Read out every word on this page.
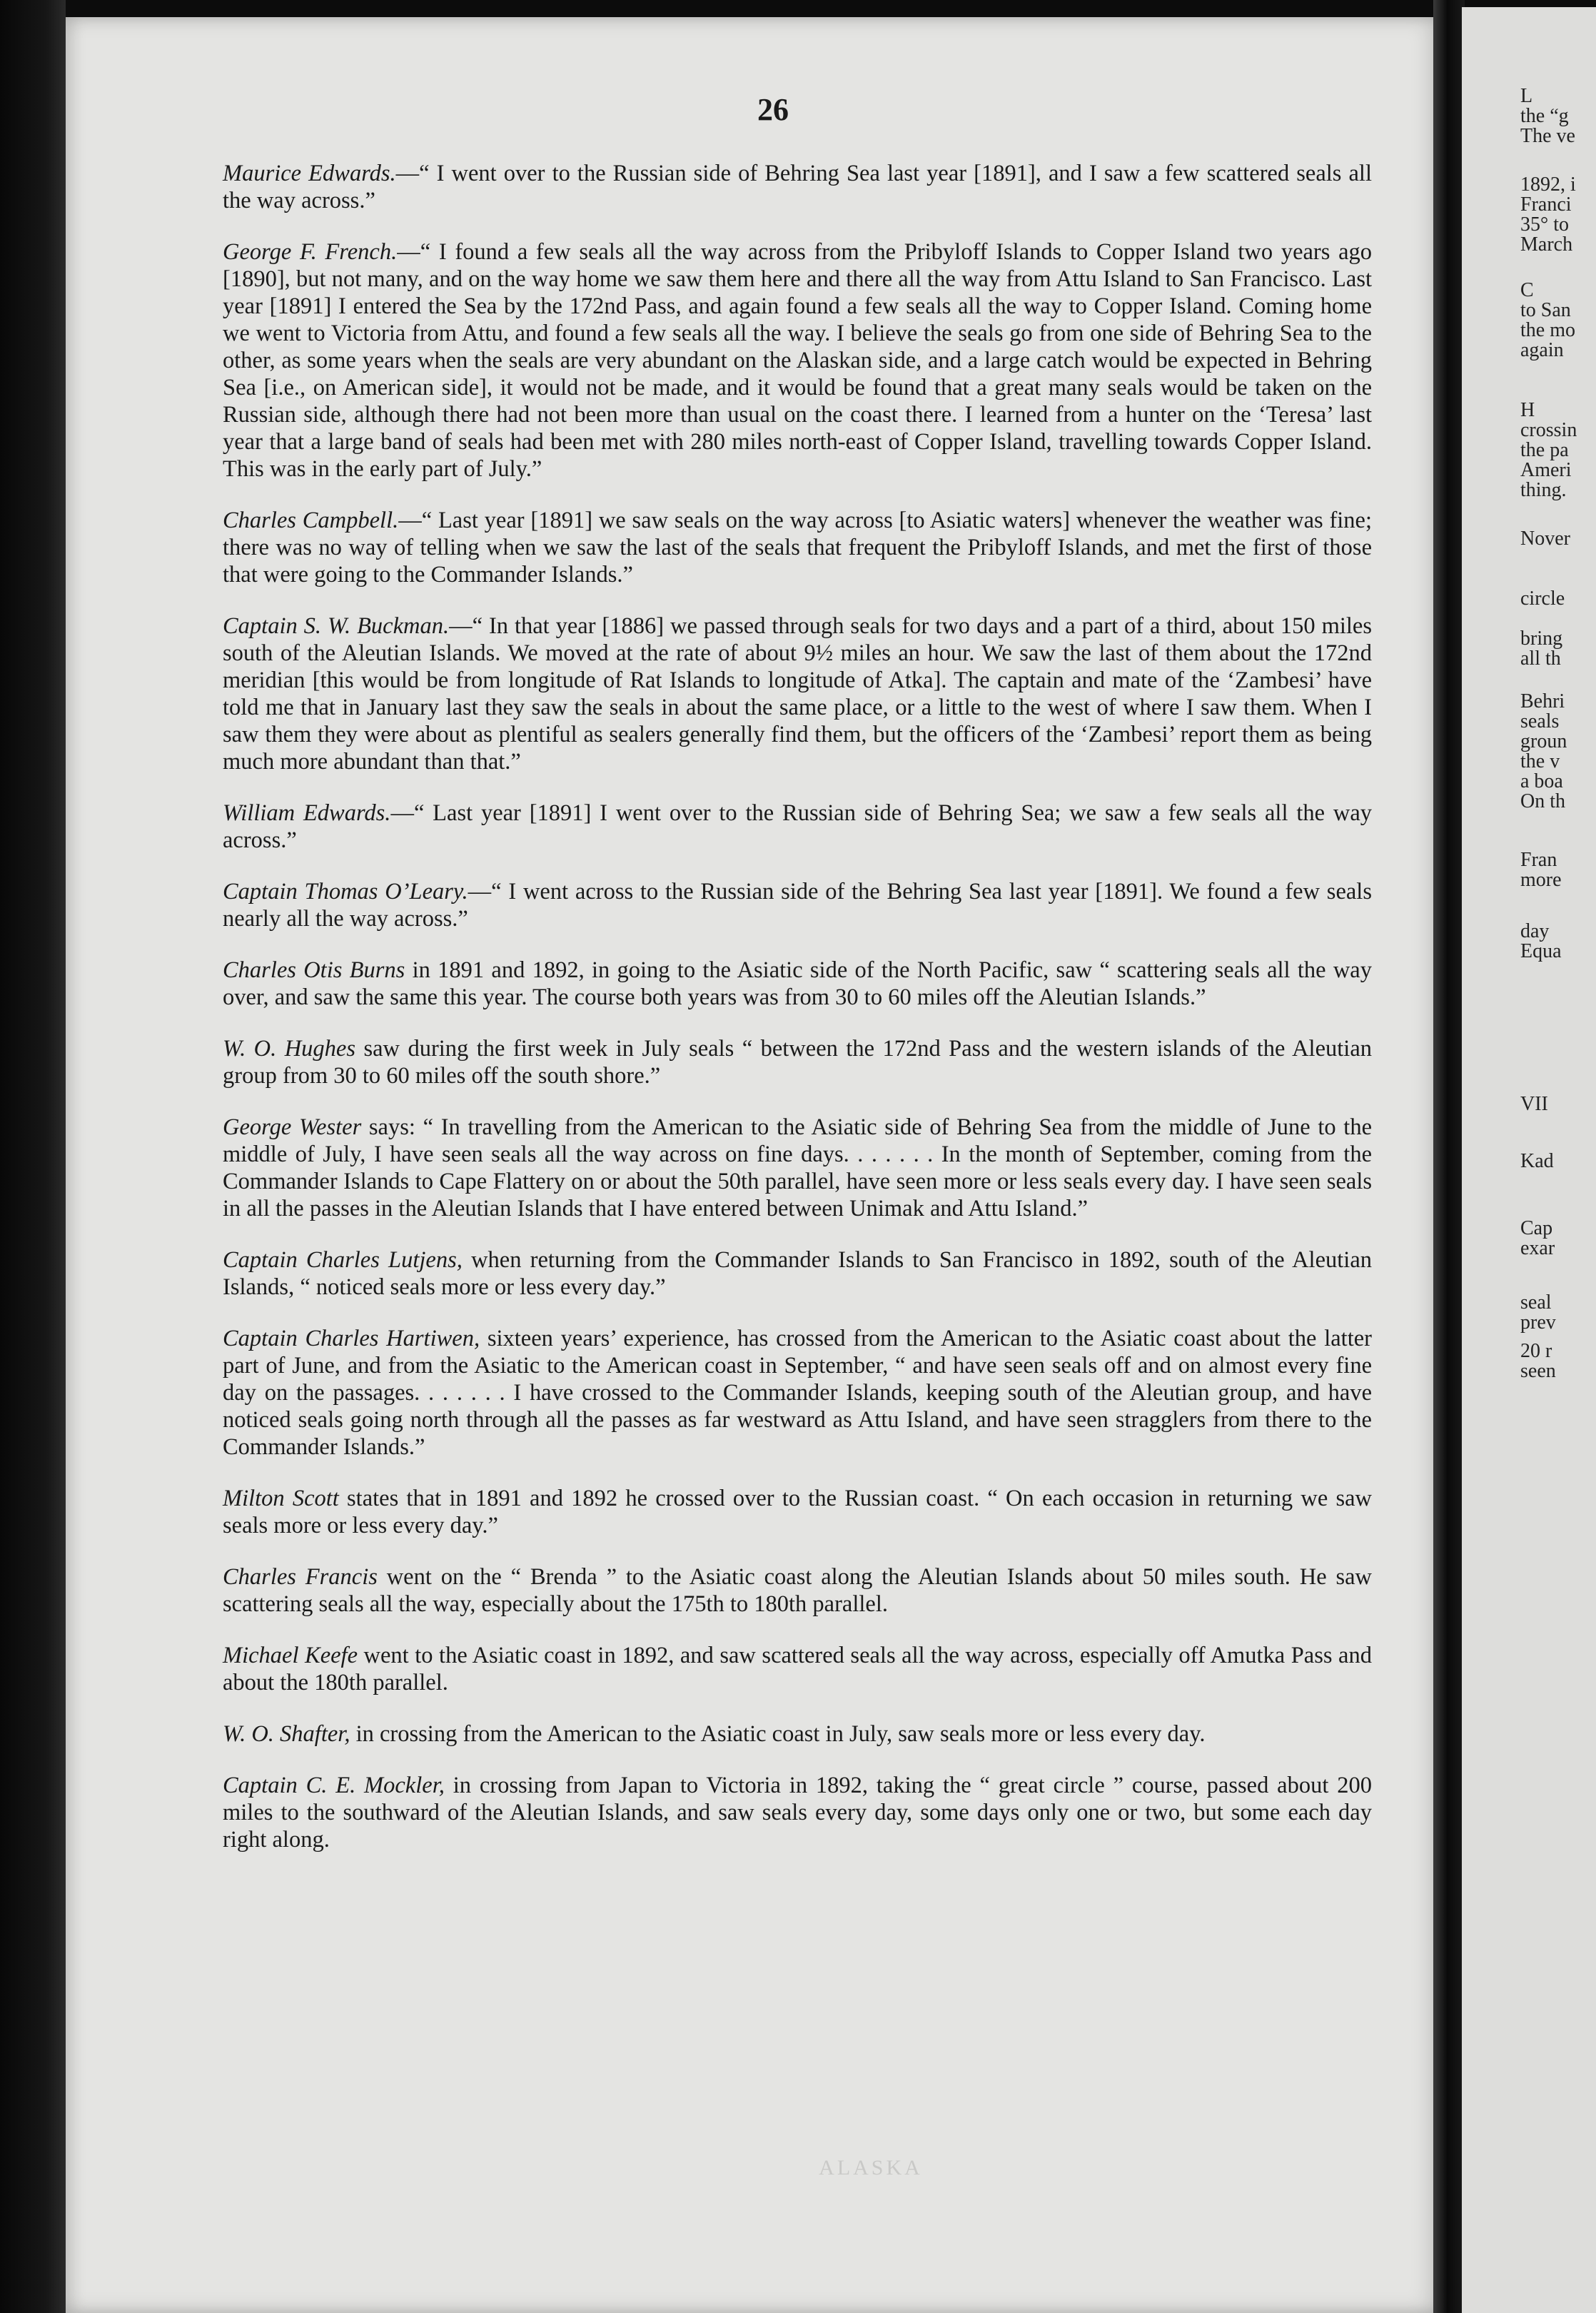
26

Maurice Edwards.—“ I went over to the Russian side of Behring Sea last year [1891], and I saw a few scattered seals all the way across.”

George F. French.—“ I found a few seals all the way across from the Pribyloff Islands to Copper Island two years ago [1890], but not many, and on the way home we saw them here and there all the way from Attu Island to San Francisco. Last year [1891] I entered the Sea by the 172nd Pass, and again found a few seals all the way to Copper Island. Coming home we went to Victoria from Attu, and found a few seals all the way. I believe the seals go from one side of Behring Sea to the other, as some years when the seals are very abundant on the Alaskan side, and a large catch would be expected in Behring Sea [i.e., on American side], it would not be made, and it would be found that a great many seals would be taken on the Russian side, although there had not been more than usual on the coast there. I learned from a hunter on the ‘Teresa’ last year that a large band of seals had been met with 280 miles north-east of Copper Island, travelling towards Copper Island. This was in the early part of July.”

Charles Campbell.—“ Last year [1891] we saw seals on the way across [to Asiatic waters] whenever the weather was fine; there was no way of telling when we saw the last of the seals that frequent the Pribyloff Islands, and met the first of those that were going to the Commander Islands.”

Captain S. W. Buckman.—“ In that year [1886] we passed through seals for two days and a part of a third, about 150 miles south of the Aleutian Islands. We moved at the rate of about 9½ miles an hour. We saw the last of them about the 172nd meridian [this would be from longitude of Rat Islands to longitude of Atka]. The captain and mate of the ‘Zambesi’ have told me that in January last they saw the seals in about the same place, or a little to the west of where I saw them. When I saw them they were about as plentiful as sealers generally find them, but the officers of the ‘Zambesi’ report them as being much more abundant than that.”

William Edwards.—“ Last year [1891] I went over to the Russian side of Behring Sea; we saw a few seals all the way across.”

Captain Thomas O’Leary.—“ I went across to the Russian side of the Behring Sea last year [1891]. We found a few seals nearly all the way across.”

Charles Otis Burns in 1891 and 1892, in going to the Asiatic side of the North Pacific, saw “ scattering seals all the way over, and saw the same this year. The course both years was from 30 to 60 miles off the Aleutian Islands.”

W. O. Hughes saw during the first week in July seals “ between the 172nd Pass and the western islands of the Aleutian group from 30 to 60 miles off the south shore.”

George Wester says: “ In travelling from the American to the Asiatic side of Behring Sea from the middle of June to the middle of July, I have seen seals all the way across on fine days. . . . . . . In the month of September, coming from the Commander Islands to Cape Flattery on or about the 50th parallel, have seen more or less seals every day. I have seen seals in all the passes in the Aleutian Islands that I have entered between Unimak and Attu Island.”

Captain Charles Lutjens, when returning from the Commander Islands to San Francisco in 1892, south of the Aleutian Islands, “ noticed seals more or less every day.”

Captain Charles Hartiwen, sixteen years’ experience, has crossed from the American to the Asiatic coast about the latter part of June, and from the Asiatic to the American coast in September, “ and have seen seals off and on almost every fine day on the passages. . . . . . . I have crossed to the Commander Islands, keeping south of the Aleutian group, and have noticed seals going north through all the passes as far westward as Attu Island, and have seen stragglers from there to the Commander Islands.”

Milton Scott states that in 1891 and 1892 he crossed over to the Russian coast. “ On each occasion in returning we saw seals more or less every day.”

Charles Francis went on the “ Brenda ” to the Asiatic coast along the Aleutian Islands about 50 miles south. He saw scattering seals all the way, especially about the 175th to 180th parallel.

Michael Keefe went to the Asiatic coast in 1892, and saw scattered seals all the way across, especially off Amutka Pass and about the 180th parallel.

W. O. Shafter, in crossing from the American to the Asiatic coast in July, saw seals more or less every day.

Captain C. E. Mockler, in crossing from Japan to Victoria in 1892, taking the “ great circle ” course, passed about 200 miles to the southward of the Aleutian Islands, and saw seals every day, some days only one or two, but some each day right along.

ALASKA
L
the “g
The ve
1892, i
Franci
35° to
March
C
to San
the mo
again
H
crossin
the pa
Ameri
thing.
Nover
circle
bring
all th
Behri
seals
groun
the v
a boa
On th
Fran
more
day
Equa
VII
Kad
Cap
exar
seal
prev
20 r
seen
